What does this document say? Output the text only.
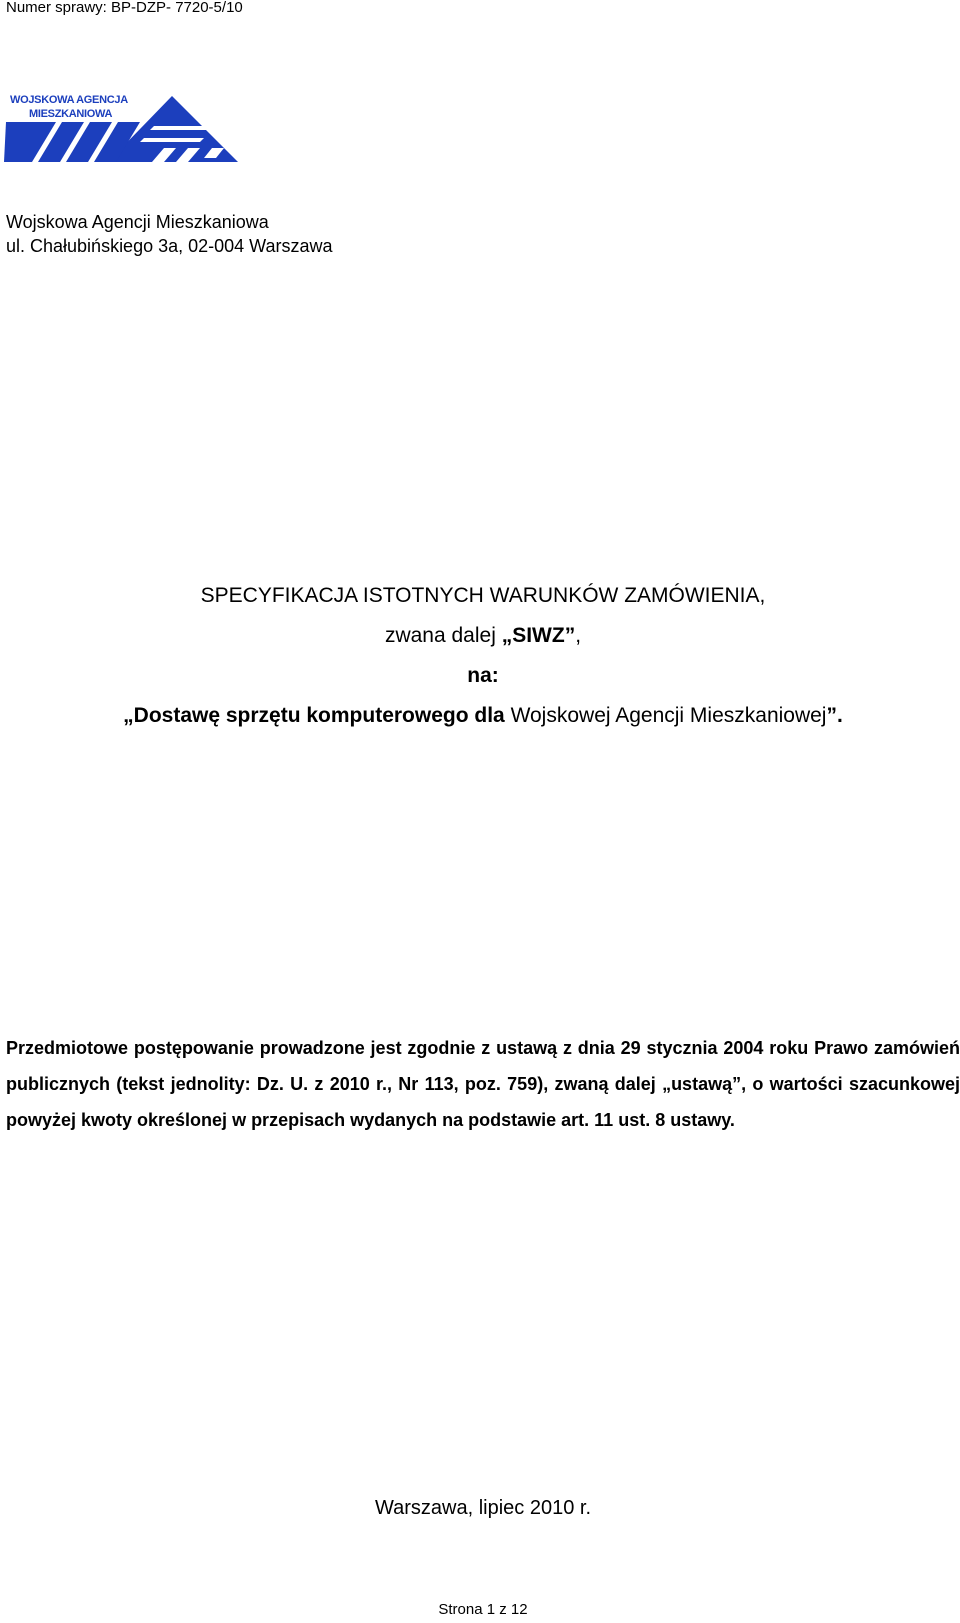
Numer sprawy: BP-DZP- 7720-5/10
WOJSKOWA AGENCJA
MIESZKANIOWA
Wojskowa Agencji Mieszkaniowa
ul. Chałubińskiego 3a, 02-004 Warszawa
SPECYFIKACJA ISTOTNYCH WARUNKÓW ZAMÓWIENIA,
zwana dalej „SIWZ”,
na:
„Dostawę sprzętu komputerowego dla Wojskowej Agencji Mieszkaniowej”.

Przedmiotowe postępowanie prowadzone jest zgodnie z ustawą z dnia 29 stycznia 2004 roku Prawo zamówień publicznych (tekst jednolity: Dz. U. z 2010 r., Nr 113, poz. 759), zwaną dalej „ustawą”, o wartości szacunkowej powyżej kwoty określonej w przepisach wydanych na podstawie art. 11 ust. 8 ustawy.

Warszawa, lipiec 2010 r.
Strona 1 z 12
